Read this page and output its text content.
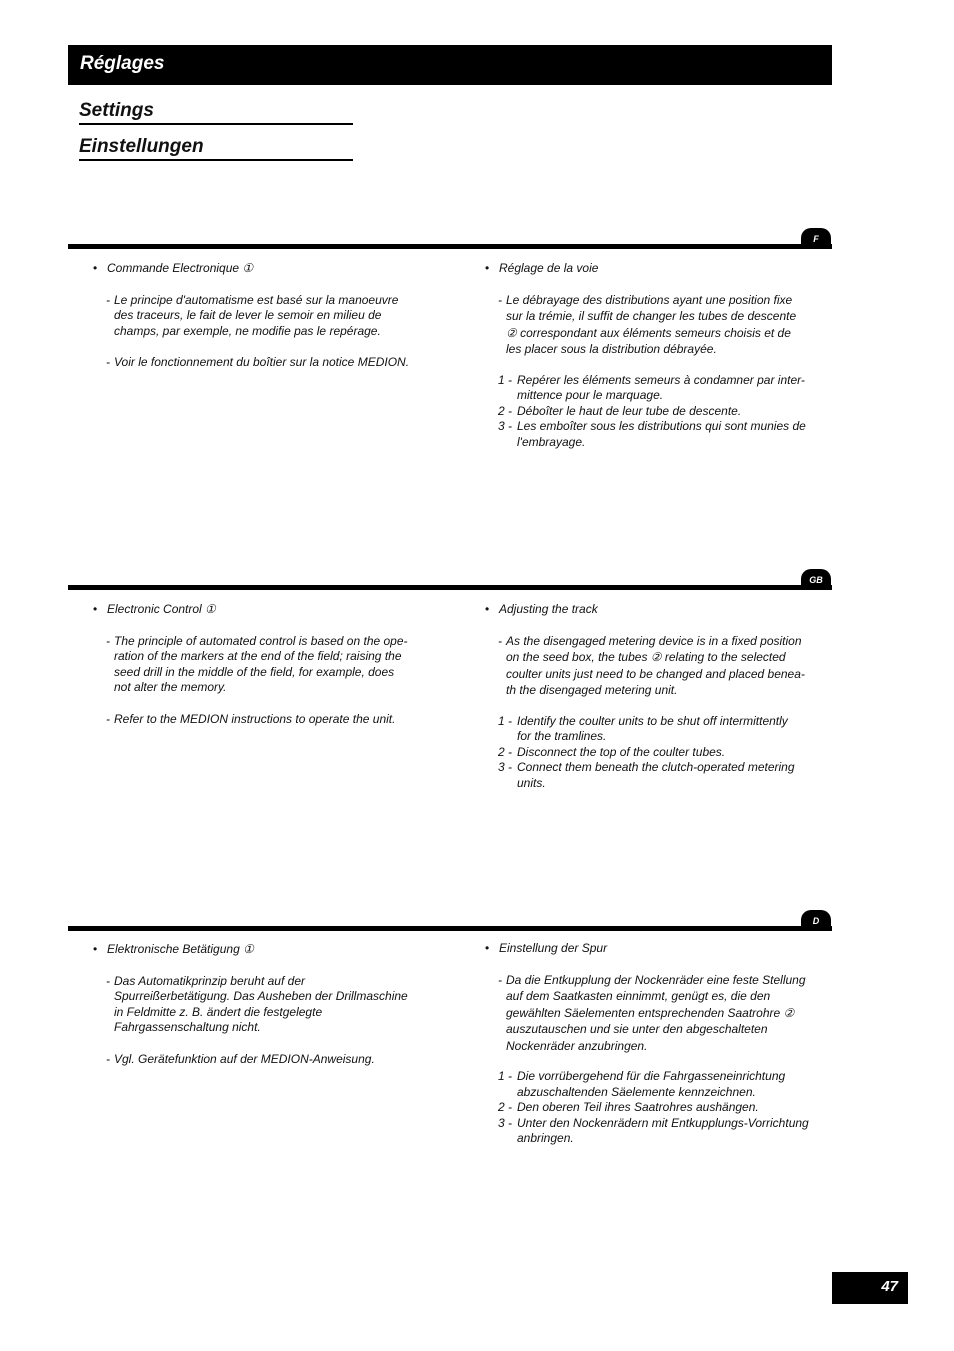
Réglages
Settings
Einstellungen
F

• Commande Electronique ①

- Le principe d'automatisme est basé sur la manoeuvre
des traceurs, le fait de lever le semoir en milieu de
champs, par exemple, ne modifie pas le repérage.

- Voir le fonctionnement du boîtier sur la notice MEDION.

• Réglage de la voie

- Le débrayage des distributions ayant une position fixe
sur la trémie, il suffit de changer les tubes de descente
② correspondant aux éléments semeurs choisis et de
les placer sous la distribution débrayée.

1 - Repérer les éléments semeurs à condamner par inter-
mittence pour le marquage.

2 - Déboîter le haut de leur tube de descente.

3 - Les emboîter sous les distributions qui sont munies de
l'embrayage.

GB

• Electronic Control ①

- The principle of automated control is based on the ope-
ration of the markers at the end of the field; raising the
seed drill in the middle of the field, for example, does
not alter the memory.

- Refer to the MEDION instructions to operate the unit.

• Adjusting the track

- As the disengaged metering device is in a fixed position
on the seed box, the tubes ② relating to the selected
coulter units just need to be changed and placed benea-
th the disengaged metering unit.

1 - Identify the coulter units to be shut off intermittently
for the tramlines.

2 - Disconnect the top of the coulter tubes.

3 - Connect them beneath the clutch-operated metering
units.

D

• Elektronische Betätigung ①

- Das Automatikprinzip beruht auf der
Spurreißerbetätigung. Das Ausheben der Drillmaschine
in Feldmitte z. B. ändert die festgelegte
Fahrgassenschaltung nicht.

- Vgl. Gerätefunktion auf der MEDION-Anweisung.

• Einstellung der Spur

- Da die Entkupplung der Nockenräder eine feste Stellung
auf dem Saatkasten einnimmt, genügt es, die den
gewählten Säelementen entsprechenden Saatrohre ②
auszutauschen und sie unter den abgeschalteten
Nockenräder anzubringen.

1 - Die vorrübergehend für die Fahrgasseneinrichtung
abzuschaltenden Säelemente kennzeichnen.

2 - Den oberen Teil ihres Saatrohres aushängen.

3 - Unter den Nockenrädern mit Entkupplungs-Vorrichtung
anbringen.

47
